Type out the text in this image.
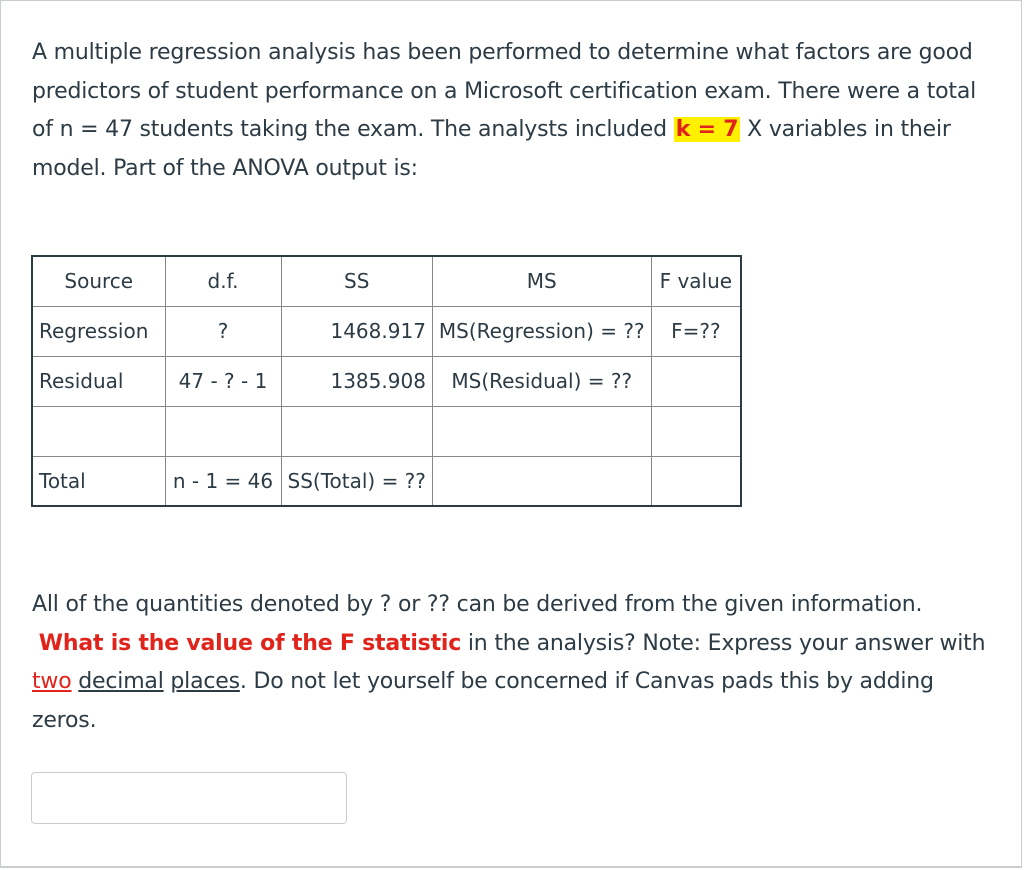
A multiple regression analysis has been performed to determine what factors are good predictors of student performance on a Microsoft certification exam. There were a total of n = 47 students taking the exam. The analysts included k = 7 X variables in their model. Part of the ANOVA output is:
Source	d.f.	SS	MS	F value
Regression	?	1468.917	MS(Regression) = ??	F=??
Residual	47 - ? - 1	1385.908	MS(Residual) = ??	

Total	n - 1 = 46	SS(Total) = ??		
All of the quantities denoted by ? or ?? can be derived from the given information.
What is the value of the F statistic in the analysis? Note: Express your answer with two decimal places. Do not let yourself be concerned if Canvas pads this by adding zeros.
